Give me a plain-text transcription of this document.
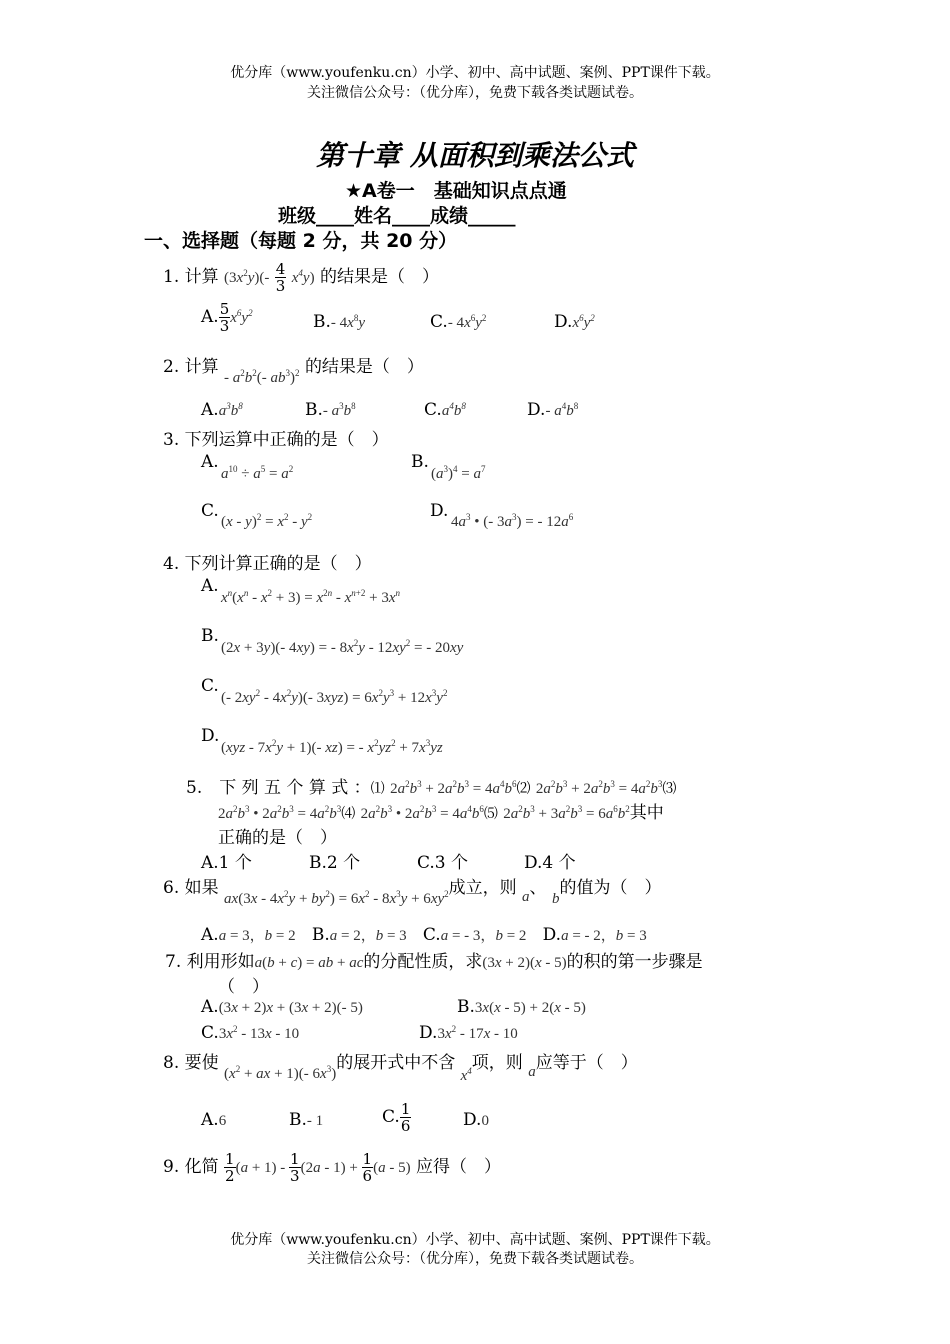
优分库（www.youfenku.cn）小学、初中、高中试题、案例、PPT课件下载。
关注微信公众号：（优分库），免费下载各类试题试卷。
第十章 从面积到乘法公式
★A卷一　基础知识点点通
班级____姓名____成绩_____
一、选择题（每题 2 分，共 20 分）
1. 计算 $(3x^2y)(- \frac{4}{3} x^4y)$ 的结果是（　）
A. $\frac{5}{3} x^6y^2$	B.- $4x^8y$	C.- $4x^6y^2$	$D.x^6y^2$
2. 计算 - $a^2b^2(-$ $ab^3)^2$ 的结果是（　）
$A.a^3b^8$	B.- $a^3b^8$	$C.a^4b^8$	D.- $a^4b^8$
3. 下列运算中正确的是（　）
A.
$a^{10} \div a^5 = a^2$	B.
$(a^3)^4 = a^7$
C.
$(x - y)^2 = x^2 - y^2$	D.
$4a^3$ • (- $3a^3$) = - $12a^6$
4. 下列计算正确的是（　）
A.
$x^n(x^n - x^2 + 3) = x^{2n} - x^{n+2} + 3x^n$
B.
(2x + 3y)(- 4xy) = - $8x^2y - 12xy^2$ = - 20xy
C.
(- $2xy^2 - 4x^2y)(-$ $3xyz) = 6x^2y^3 + 12x^3y^2$
D.
$(xyz - 7x^2y + 1)(-$ xz) = - $x^2yz^2 + 7x^3yz$
5.　下 列 五 个 算 式 ：⑴ $2a^2b^3 + 2a^2b^3$ = $4a^4b^6⑵$ $2a^2b^3 + 2a^2b^3$ = $4a^2b^3⑶$
$2a^2b^3$ • $2a^2b^3$ = $4a^2b^3⑷$ $2a^2b^3$ • $2a^2b^3$ = $4a^4b^6⑸$ $2a^2b^3 + 3a^2b^3 = 6a^6b^2$其中
正确的是（　）
A.1 个	B.2 个	C.3 个	D.4 个
6. 如果 $ax(3x - 4x^2y + by^2) = 6x^2 - 8x^3y + 6xy^2$成立，则 a、 b的值为（　）
A.a = 3，b = 2 B.a = 2，b = 3 C.a = - 3，b = 2 D.a = - 2，b = 3
7. 利用形如a(b + c) = ab + ac的分配性质，求(3x + 2)(x - 5)的积的第一步骤是
（　）
A.(3x + 2)x + (3x + 2)(- 5)	B.3x(x - 5) + 2(x - 5)
$C.3x^2 - 13x - 10$	$D.3x^2 - 17x - 10$
8. 要使 ($x^2$ + ax + 1)(- $6x^3$)的展开式中不含 $x^4$项，则 a应等于（　）
A.6	B.- 1	C. $\frac{1}{6}$	D.0
9. 化简 $\frac{1}{2} (a + 1) - \frac{1}{3} (2a - 1) + \frac{1}{6} (a - 5)$ 应得（　）
优分库（www.youfenku.cn）小学、初中、高中试题、案例、PPT课件下载。
关注微信公众号：（优分库），免费下载各类试题试卷。
